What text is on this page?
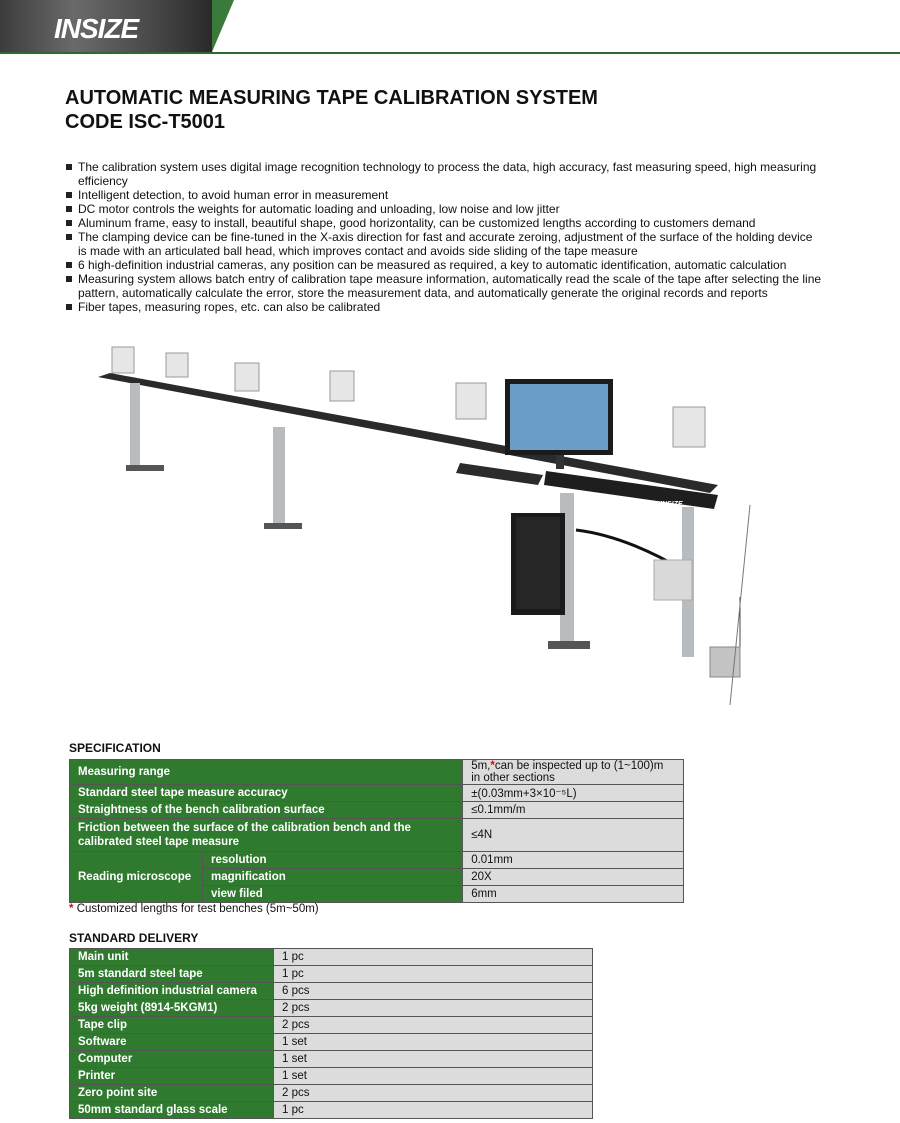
INSIZE
AUTOMATIC MEASURING TAPE CALIBRATION SYSTEM
CODE ISC-T5001
The calibration system uses digital image recognition technology to process the data, high accuracy, fast measuring speed, high measuring efficiency
Intelligent detection, to avoid human error in measurement
DC motor controls the weights for automatic loading and unloading, low noise and low jitter
Aluminum frame, easy to install, beautiful shape, good horizontality, can be customized lengths according to customers demand
The clamping device can be fine-tuned in the X-axis direction for fast and accurate zeroing, adjustment of the surface of the holding device is made with an articulated ball head, which improves contact and avoids side sliding of the tape measure
6 high-definition industrial cameras, any position can be measured as required, a key to automatic identification, automatic calculation
Measuring system allows batch entry of calibration tape measure information, automatically read the scale of the tape after selecting the line pattern, automatically calculate the error, store the measurement data, and automatically generate the original records and reports
Fiber tapes, measuring ropes, etc. can also be calibrated
INSIZE
SPECIFICATION
Measuring range		5m,*can be inspected up to (1~100)m in other sections
Standard steel tape measure accuracy		±(0.03mm+3×10⁻⁵L)
Straightness of the bench calibration surface		≤0.1mm/m
Friction between the surface of the calibration bench and the calibrated steel tape measure		≤4N
Reading microscope	resolution	0.01mm
	magnification	20X
	view filed	6mm
* Customized lengths for test benches (5m~50m)
STANDARD DELIVERY
Main unit	1 pc
5m standard steel tape	1 pc
High definition industrial camera	6 pcs
5kg weight (8914-5KGM1)	2 pcs
Tape clip	2 pcs
Software	1 set
Computer	1 set
Printer	1 set
Zero point site	2 pcs
50mm standard glass scale	1 pc
